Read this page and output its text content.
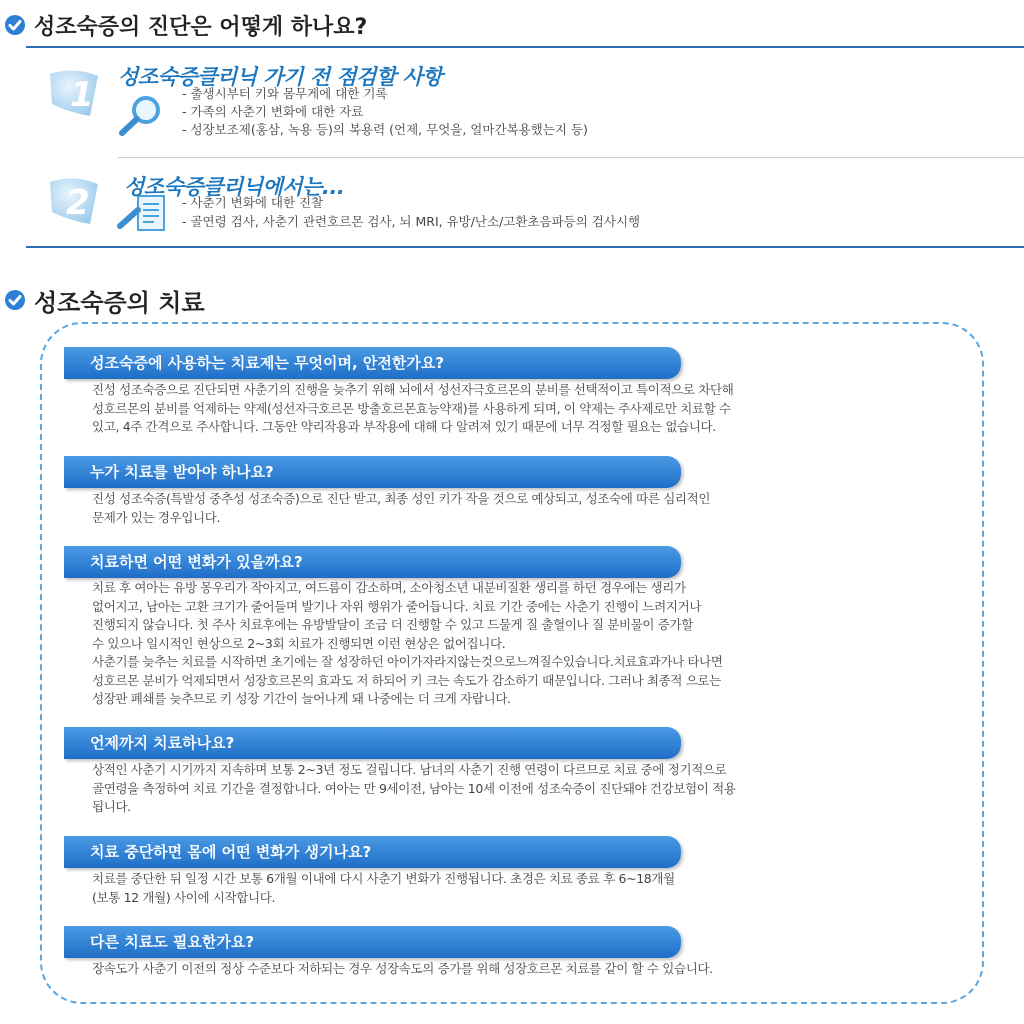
성조숙증의 진단은 어떻게 하나요?
1 성조숙증클리닉 가기 전 점검할 사항
- 출생시부터 키와 몸무게에 대한 기록
- 가족의 사춘기 변화에 대한 자료
- 성장보조제(홍삼, 녹용 등)의 복용력 (언제, 무엇을, 얼마간복용했는지 등)
2 성조숙증클리닉에서는...
- 사춘기 변화에 대한 진찰
- 골연령 검사, 사춘기 관련호르몬 검사, 뇌 MRI, 유방/난소/고환초음파등의 검사시행
성조숙증의 치료
성조숙증에 사용하는 치료제는 무엇이며, 안전한가요?
진성 성조숙증으로 진단되면 사춘기의 진행을 늦추기 위해 뇌에서 성선자극호르몬의 분비를 선택적이고 특이적으로 차단해
성호르몬의 분비를 억제하는 약제(성선자극호르몬 방출호르몬효능약재)를 사용하게 되며, 이 약제는 주사제로만 치료할 수
있고, 4주 간격으로 주사합니다. 그동안 약리작용과 부작용에 대해 다 알려져 있기 때문에 너무 걱정할 필요는 없습니다.
누가 치료를 받아야 하나요?
진성 성조숙증(특발성 중추성 성조숙증)으로 진단 받고, 최종 성인 키가 작을 것으로 예상되고, 성조숙에 따른 심리적인
문제가 있는 경우입니다.
치료하면 어떤 변화가 있을까요?
치료 후 여아는 유방 몽우리가 작아지고, 여드름이 감소하며, 소아청소년 내분비질환 생리를 하던 경우에는 생리가
없어지고, 남아는 고환 크기가 줄어들며 발기나 자위 행위가 줄어듭니다. 치료 기간 중에는 사춘기 진행이 느려지거나
진행되지 않습니다. 첫 주사 치료후에는 유방발달이 조금 더 진행할 수 있고 드물게 질 출혈이나 질 분비물이 증가할
수 있으나 일시적인 현상으로 2~3회 치료가 진행되면 이런 현상은 없어집니다.
사춘기를 늦추는 치료를 시작하면 초기에는 잘 성장하던 아이가자라지않는것으로느껴질수있습니다.치료효과가나 타나면
성호르몬 분비가 억제되면서 성장호르몬의 효과도 저 하되어 키 크는 속도가 감소하기 때문입니다. 그러나 최종적 으로는
성장판 폐쇄를 늦추므로 키 성장 기간이 늘어나게 돼 나중에는 더 크게 자랍니다.
언제까지 치료하나요?
상적인 사춘기 시기까지 지속하며 보통 2~3년 정도 걸립니다. 남녀의 사춘기 진행 연령이 다르므로 치료 중에 정기적으로
골연령을 측정하여 치료 기간을 결정합니다. 여아는 만 9세이전, 남아는 10세 이전에 성조숙증이 진단돼야 건강보험이 적용
됩니다.
치료 중단하면 몸에 어떤 변화가 생기나요?
치료를 중단한 뒤 일정 시간 보통 6개월 이내에 다시 사춘기 변화가 진행됩니다. 초경은 치료 종료 후 6~18개월
(보통 12 개월) 사이에 시작합니다.
다른 치료도 필요한가요?
장속도가 사춘기 이전의 정상 수준보다 저하되는 경우 성장속도의 증가를 위해 성장호르몬 치료를 같이 할 수 있습니다.
